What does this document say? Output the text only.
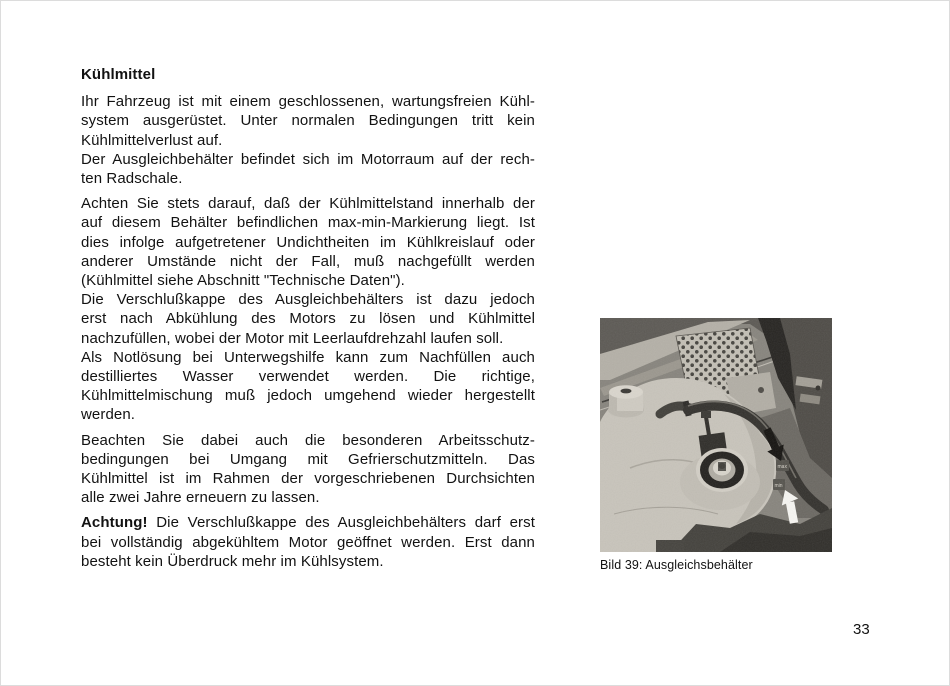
Kühlmittel
Ihr Fahrzeug ist mit einem geschlossenen, wartungsfreien Kühl-
system ausgerüstet. Unter normalen Bedingungen tritt kein
Kühlmittelverlust auf.
Der Ausgleichbehälter befindet sich im Motorraum auf der rech-
ten Radschale.
Achten Sie stets darauf, daß der Kühlmittelstand innerhalb der
auf diesem Behälter befindlichen max-min-Markierung liegt. Ist
dies infolge aufgetretener Undichtheiten im Kühlkreislauf oder
anderer Umstände nicht der Fall, muß nachgefüllt werden
(Kühlmittel siehe Abschnitt "Technische Daten").
Die Verschlußkappe des Ausgleichbehälters ist dazu jedoch
erst nach Abkühlung des Motors zu lösen und Kühlmittel
nachzufüllen, wobei der Motor mit Leerlaufdrehzahl laufen soll.
Als Notlösung bei Unterwegshilfe kann zum Nachfüllen auch
destilliertes Wasser verwendet werden. Die richtige,
Kühlmittelmischung muß jedoch umgehend wieder hergestellt
werden.
Beachten Sie dabei auch die besonderen Arbeitsschutz-
bedingungen bei Umgang mit Gefrierschutzmitteln. Das
Kühlmittel ist im Rahmen der vorgeschriebenen Durchsichten
alle zwei Jahre erneuern zu lassen.
Achtung! Die Verschlußkappe des Ausgleichbehälters darf erst
bei vollständig abgekühltem Motor geöffnet werden. Erst dann
besteht kein Überdruck mehr im Kühlsystem.
max
min
Bild 39: Ausgleichsbehälter
33
